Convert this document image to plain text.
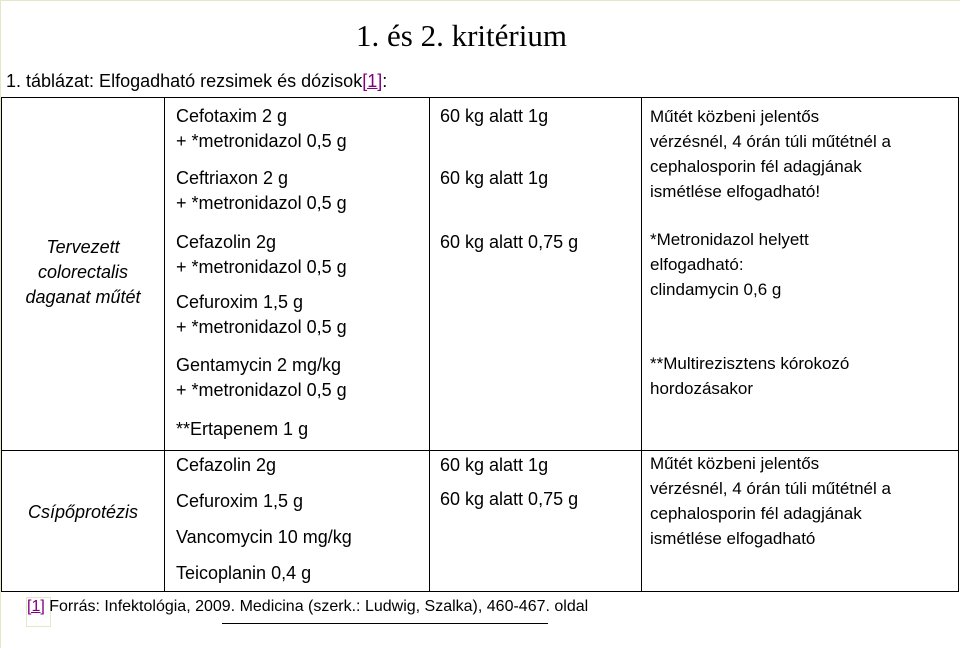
1. és 2. kritérium
1. táblázat: Elfogadható rezsimek és dózisok[1]:
Tervezett
colorectalis
daganat műtét
Cefotaxim 2 g
+ *metronidazol 0,5 g
Ceftriaxon 2 g
+ *metronidazol 0,5 g
Cefazolin 2g
+ *metronidazol 0,5 g
Cefuroxim 1,5 g
+ *metronidazol 0,5 g
Gentamycin 2 mg/kg
+ *metronidazol 0,5 g
**Ertapenem 1 g
60 kg alatt 1g
60 kg alatt 1g
60 kg alatt 0,75 g
Műtét közbeni jelentős
vérzésnél, 4 órán túli műtétnél a
cephalosporin fél adagjának
ismétlése elfogadható!
*Metronidazol helyett
elfogadható:
clindamycin 0,6 g
**Multirezisztens kórokozó
hordozásakor
Csípőprotézis
Cefazolin 2g
Cefuroxim 1,5 g
Vancomycin 10 mg/kg
Teicoplanin 0,4 g
60 kg alatt 1g
60 kg alatt 0,75 g
Műtét közbeni jelentős
vérzésnél, 4 órán túli műtétnél a
cephalosporin fél adagjának
ismétlése elfogadható
[1] Forrás: Infektológia, 2009. Medicina (szerk.: Ludwig, Szalka), 460-467. oldal
